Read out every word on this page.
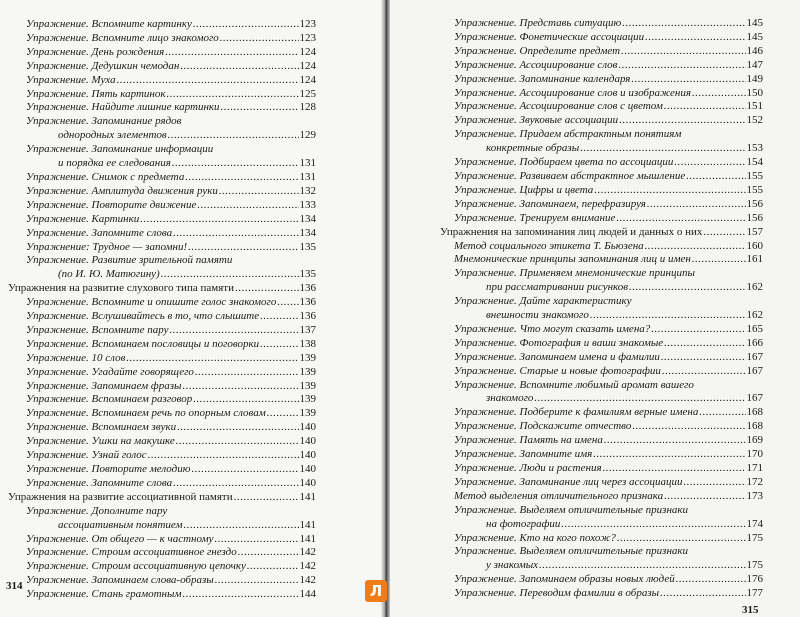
Упражнение. Вспомните картинку .....	123
Упражнение. Вспомните лицо знакомого .....	123
Упражнение. День рождения .....	124
Упражнение. Дедушкин чемодан .....	124
Упражнение. Муха .....	124
Упражнение. Пять картинок .....	125
Упражнение. Найдите лишние картинки .....	128
Упражнение. Запоминание рядов
однородных элементов .....	129
Упражнение. Запоминание информации
и порядка ее следования .....	131
Упражнение. Снимок с предмета .....	131
Упражнение. Амплитуда движения руки .....	132
Упражнение. Повторите движение .....	133
Упражнение. Картинки .....	134
Упражнение. Запомните слова .....	134
Упражнение: Трудное — запомни! .....	135
Упражнение. Развитие зрительной памяти
(по И. Ю. Матюгину) .....	135
Упражнения на развитие слухового типа памяти .....	136
Упражнение. Вспомните и опишите голос знакомого ..... 136
Упражнение. Вслушивайтесь в то, что слышите .....	136
Упражнение. Вспомните пару .....	137
Упражнение. Вспоминаем пословицы и поговорки .....	138
Упражнение. 10 слов .....	139
Упражнение. Угадайте говорящего .....	139
Упражнение. Запоминаем фразы .....	139
Упражнение. Вспоминаем разговор .....	139
Упражнение. Вспоминаем речь по опорным словам .....	139
Упражнение. Вспоминаем звуки .....	140
Упражнение. Ушки на макушке .....	140
Упражнение. Узнай голос .....	140
Упражнение. Повторите мелодию .....	140
Упражнение. Запомните слова .....	140
Упражнения на развитие ассоциативной памяти .....	141
Упражнение. Дополните пару
ассоциативным понятием .....	141
Упражнение. От общего — к частному .....	141
Упражнение. Строим ассоциативное гнездо .....	142
Упражнение. Строим ассоциативную цепочку .....	142
Упражнение. Запоминаем слова-образы .....	142
Упражнение. Стань грамотным .....	144
314
Упражнение. Представь ситуацию .....	145
Упражнение. Фонетические ассоциации .....	145
Упражнение. Определите предмет .....	146
Упражнение. Ассоциирование слов .....	147
Упражнение. Запоминание календаря .....	149
Упражнение. Ассоциирование слов и изображения .....	150
Упражнение. Ассоциирование слов с цветом .....	151
Упражнение. Звуковые ассоциации .....	152
Упражнение. Придаем абстрактным понятиям
конкретные образы .....	153
Упражнение. Подбираем цвета по ассоциации .....	154
Упражнение. Развиваем абстрактное мышление .....	155
Упражнение. Цифры и цвета .....	155
Упражнение. Запоминаем, перефразируя .....	156
Упражнение. Тренируем внимание .....	156
Упражнения на запоминания лиц людей и данных о них .....	157
Метод социального этикета Т. Бьюзена .....	160
Мнемонические принципы запоминания лиц и имен .....	161
Упражнение. Применяем мнемонические принципы
при рассматривании рисунков .....	162
Упражнение. Дайте характеристику
внешности знакомого .....	162
Упражнение. Что могут сказать имена? .....	165
Упражнение. Фотография и ваши знакомые .....	166
Упражнение. Запоминаем имена и фамилии .....	167
Упражнение. Старые и новые фотографии .....	167
Упражнение. Вспомните любимый аромат вашего
знакомого .....	167
Упражнение. Подберите к фамилиям верные имена .....	168
Упражнение. Подскажите отчество .....	168
Упражнение. Память на имена .....	169
Упражнение. Запомните имя .....	170
Упражнение. Люди и растения .....	171
Упражнение. Запоминание лиц через ассоциации .....	172
Метод выделения отличительного признака .....	173
Упражнение. Выделяем отличительные признаки
на фотографии .....	174
Упражнение. Кто на кого похож? .....	175
Упражнение. Выделяем отличительные признаки
у знакомых .....	175
Упражнение. Запоминаем образы новых людей .....	176
Упражнение. Переводим фамилии в образы .....	177
315
Л
